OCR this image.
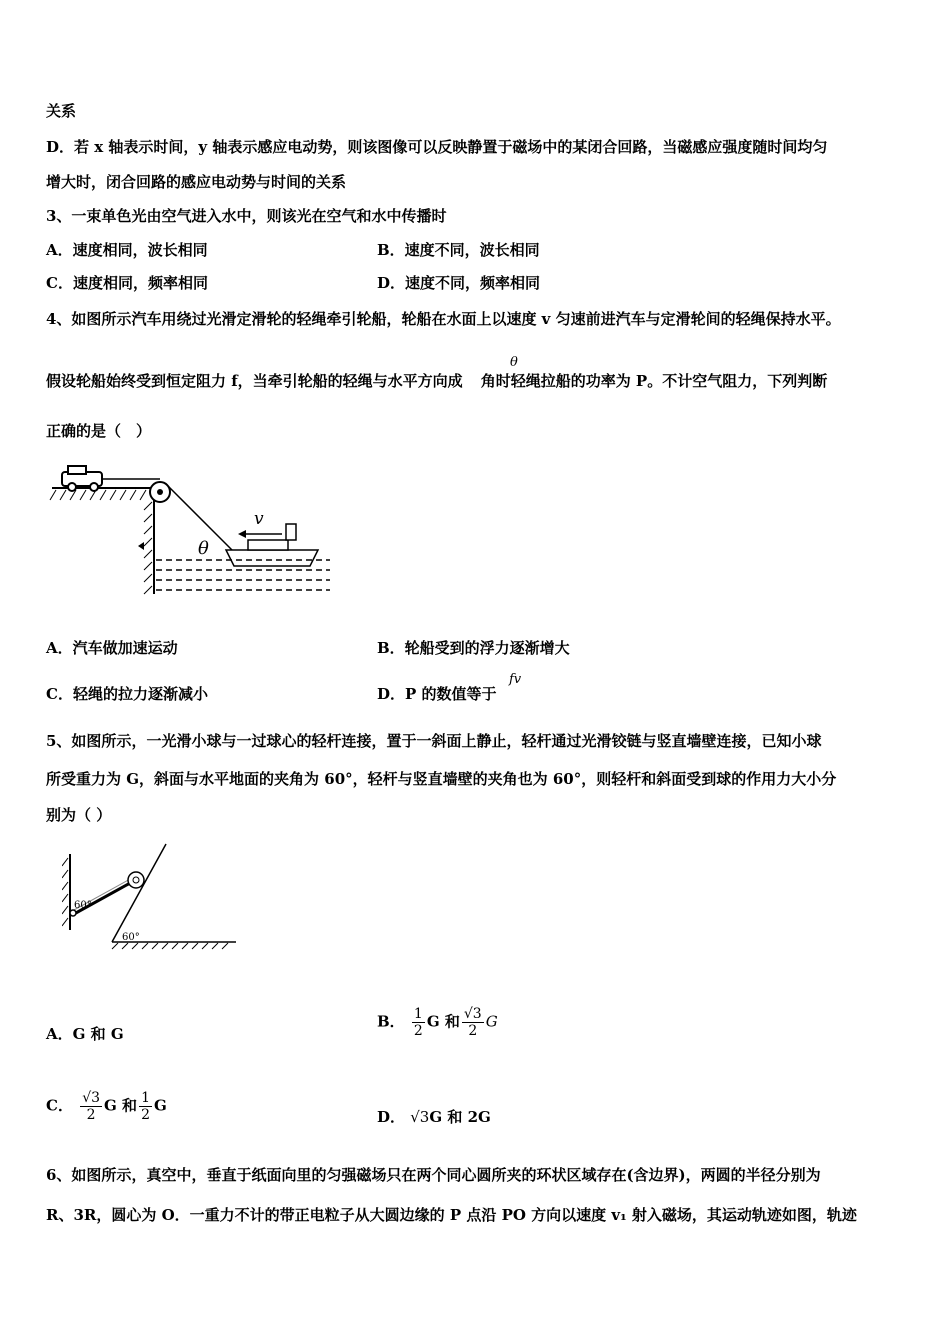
关系
D．若 x 轴表示时间，y 轴表示感应电动势，则该图像可以反映静置于磁场中的某闭合回路，当磁感应强度随时间均匀
增大时，闭合回路的感应电动势与时间的关系
3、一束单色光由空气进入水中，则该光在空气和水中传播时
A．速度相同，波长相同	B．速度不同，波长相同
C．速度相同，频率相同	D．速度不同，频率相同
4、如图所示汽车用绕过光滑定滑轮的轻绳牵引轮船，轮船在水面上以速度 v 匀速前进汽车与定滑轮间的轻绳保持水平。
假设轮船始终受到恒定阻力 f，当牵引轮船的轻绳与水平方向成 角时轻绳拉船的功率为 P。不计空气阻力，下列判断
θ
正确的是（　）
θ
v
A．汽车做加速运动	B．轮船受到的浮力逐渐增大
C．轻绳的拉力逐渐减小	D．P 的数值等于
fv
5、如图所示，一光滑小球与一过球心的轻杆连接，置于一斜面上静止，轻杆通过光滑铰链与竖直墙壁连接，已知小球
所受重力为 G，斜面与水平地面的夹角为 60°，轻杆与竖直墙壁的夹角也为 60°，则轻杆和斜面受到球的作用力大小分
别为（ ）
60°
60°
A．G 和 G
B． $\frac{1}{2}$ G 和 $\frac{√3}{2}$ G
C． $\frac{√3}{2}$ G 和 $\frac{1}{2}$ G
D． √3G 和 2G
6、如图所示，真空中，垂直于纸面向里的匀强磁场只在两个同心圆所夹的环状区域存在(含边界)，两圆的半径分别为
R、3R，圆心为 O．一重力不计的带正电粒子从大圆边缘的 P 点沿 PO 方向以速度 v₁ 射入磁场，其运动轨迹如图，轨迹
